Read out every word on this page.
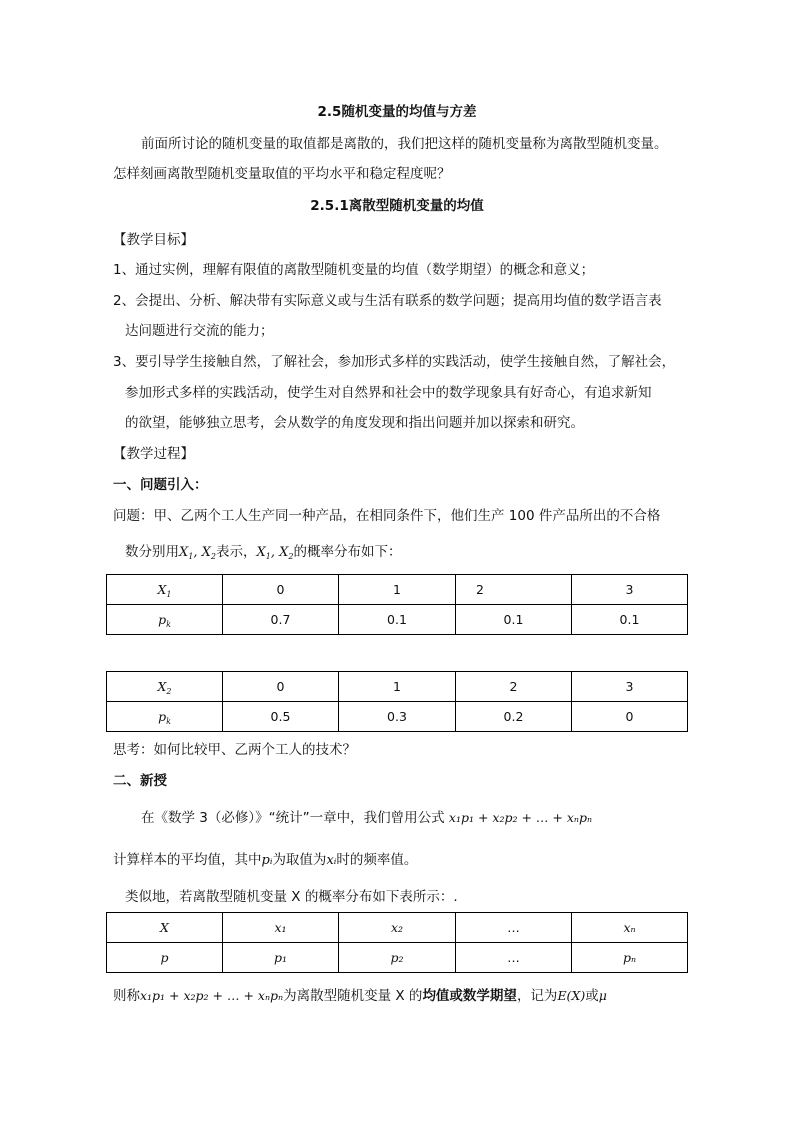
2.5随机变量的均值与方差
前面所讨论的随机变量的取值都是离散的，我们把这样的随机变量称为离散型随机变量。
怎样刻画离散型随机变量取值的平均水平和稳定程度呢？
2.5.1离散型随机变量的均值
【教学目标】
1、通过实例，理解有限值的离散型随机变量的均值（数学期望）的概念和意义；
2、会提出、分析、解决带有实际意义或与生活有联系的数学问题；提高用均值的数学语言表
达问题进行交流的能力；
3、要引导学生接触自然，了解社会，参加形式多样的实践活动，使学生接触自然，了解社会，
参加形式多样的实践活动，使学生对自然界和社会中的数学现象具有好奇心，有追求新知
的欲望，能够独立思考，会从数学的角度发现和指出问题并加以探索和研究。
【教学过程】
一、问题引入：
问题：甲、乙两个工人生产同一种产品，在相同条件下，他们生产 100 件产品所出的不合格
数分别用$X_1$, $X_2$表示，$X_1$, $X_2$的概率分布如下：
$X_1$	0	1	2	3
$p_k$	0.7	0.1	0.1	0.1
$X_2$	0	1	2	3
$p_k$	0.5	0.3	0.2	0
思考：如何比较甲、乙两个工人的技术？
二、新授
在《数学 3（必修）》“统计”一章中，我们曾用公式 x₁p₁ + x₂p₂ + … + xₙpₙ
计算样本的平均值，其中pᵢ为取值为xᵢ时的频率值。
类似地，若离散型随机变量 X 的概率分布如下表所示：.
X	x₁	x₂	…	xₙ
p	p₁	p₂	…	pₙ
则称x₁p₁ + x₂p₂ + … + xₙpₙ为离散型随机变量 X 的均值或数学期望，记为E(X)或μ
